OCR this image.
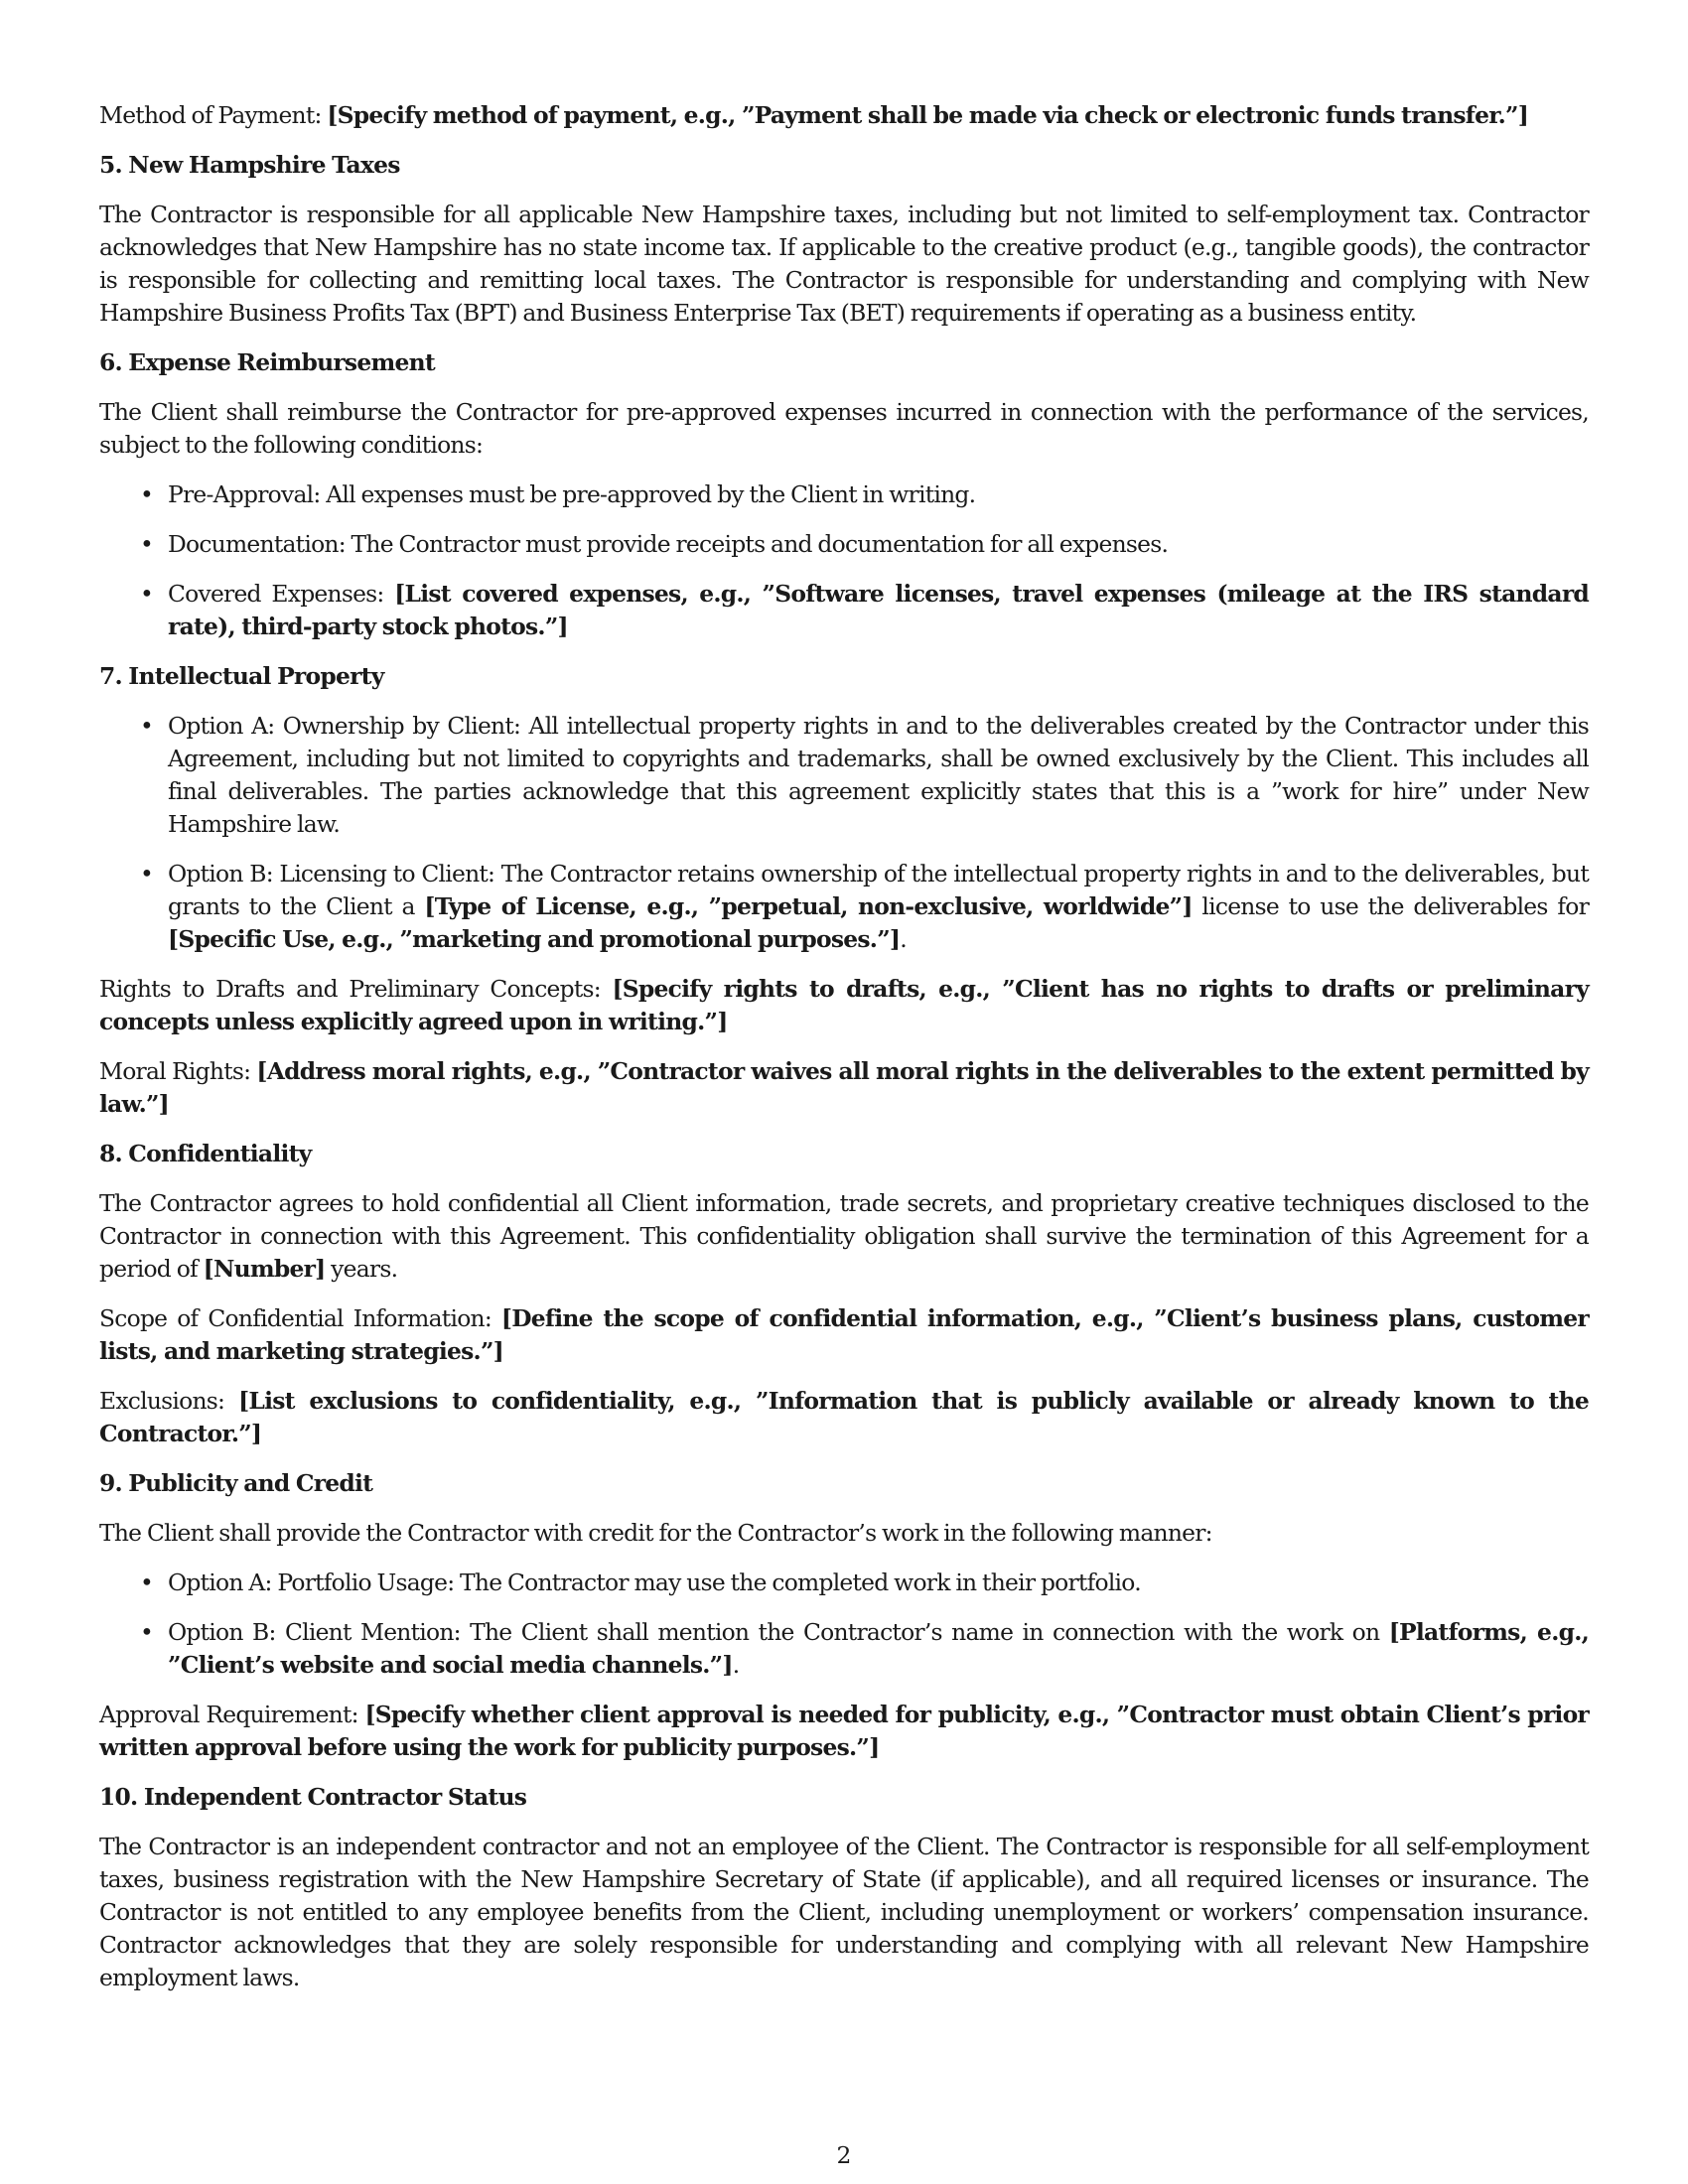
Method of Payment: [Specify method of payment, e.g., ”Payment shall be made via check or electronic funds transfer.”]

5. New Hampshire Taxes

The Contractor is responsible for all applicable New Hampshire taxes, including but not limited to self-employment tax. Contractor acknowledges that New Hampshire has no state income tax. If applicable to the creative product (e.g., tangible goods), the contractor is responsible for collecting and remitting local taxes. The Contractor is responsible for understanding and complying with New Hampshire Business Profits Tax (BPT) and Business Enterprise Tax (BET) requirements if operating as a business entity.

6. Expense Reimbursement

The Client shall reimburse the Contractor for pre-approved expenses incurred in connection with the performance of the services, subject to the following conditions:

• Pre-Approval: All expenses must be pre-approved by the Client in writing.
• Documentation: The Contractor must provide receipts and documentation for all expenses.
• Covered Expenses: [List covered expenses, e.g., ”Software licenses, travel expenses (mileage at the IRS standard rate), third-party stock photos.”]
7. Intellectual Property
• Option A: Ownership by Client: All intellectual property rights in and to the deliverables created by the Contractor under this Agreement, including but not limited to copyrights and trademarks, shall be owned exclusively by the Client. This includes all final deliverables. The parties acknowledge that this agreement explicitly states that this is a ”work for hire” under New Hampshire law.
• Option B: Licensing to Client: The Contractor retains ownership of the intellectual property rights in and to the deliverables, but grants to the Client a [Type of License, e.g., ”perpetual, non-exclusive, worldwide”] license to use the deliverables for [Specific Use, e.g., ”marketing and promotional purposes.”].

Rights to Drafts and Preliminary Concepts: [Specify rights to drafts, e.g., ”Client has no rights to drafts or preliminary concepts unless explicitly agreed upon in writing.”]

Moral Rights: [Address moral rights, e.g., ”Contractor waives all moral rights in the deliverables to the extent permitted by law.”]

8. Confidentiality

The Contractor agrees to hold confidential all Client information, trade secrets, and proprietary creative techniques disclosed to the Contractor in connection with this Agreement. This confidentiality obligation shall survive the termination of this Agreement for a period of [Number] years.

Scope of Confidential Information: [Define the scope of confidential information, e.g., ”Client’s business plans, customer lists, and marketing strategies.”]

Exclusions: [List exclusions to confidentiality, e.g., ”Information that is publicly available or already known to the Contractor.”]

9. Publicity and Credit

The Client shall provide the Contractor with credit for the Contractor’s work in the following manner:

• Option A: Portfolio Usage: The Contractor may use the completed work in their portfolio.
• Option B: Client Mention: The Client shall mention the Contractor’s name in connection with the work on [Platforms, e.g., ”Client’s website and social media channels.”].

Approval Requirement: [Specify whether client approval is needed for publicity, e.g., ”Contractor must obtain Client’s prior written approval before using the work for publicity purposes.”]

10. Independent Contractor Status

The Contractor is an independent contractor and not an employee of the Client. The Contractor is responsible for all self-employment taxes, business registration with the New Hampshire Secretary of State (if applicable), and all required licenses or insurance. The Contractor is not entitled to any employee benefits from the Client, including unemployment or workers’ compensation insurance. Contractor acknowledges that they are solely responsible for understanding and complying with all relevant New Hampshire employment laws.

2
